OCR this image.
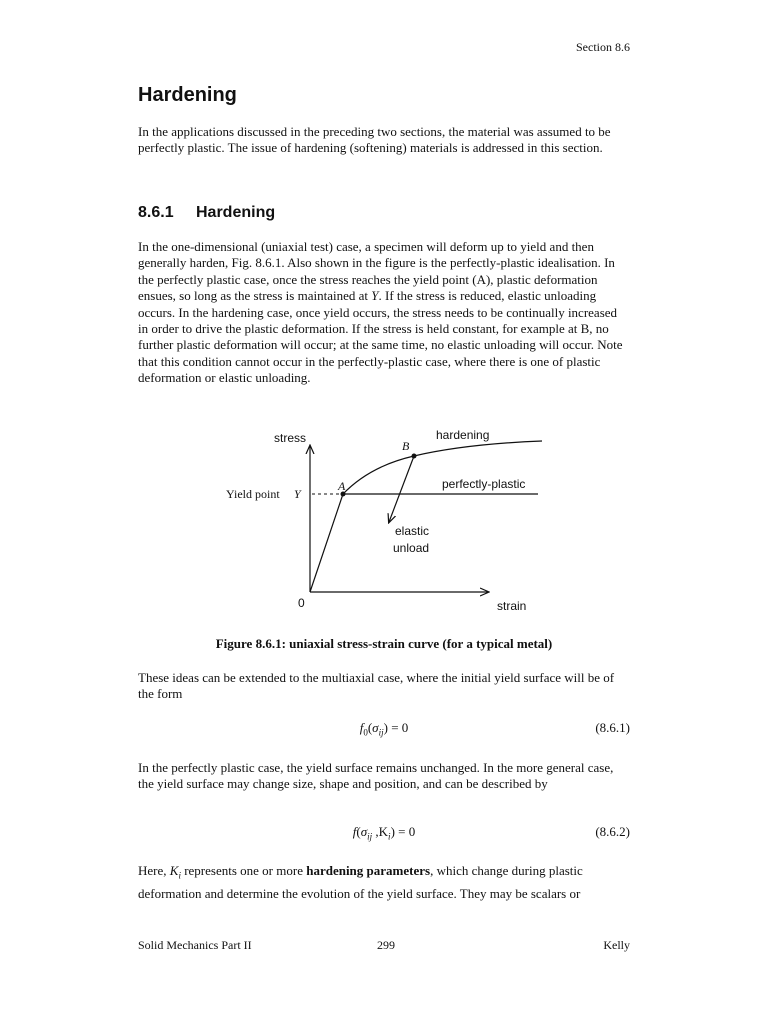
Section 8.6
Hardening

In the applications discussed in the preceding two sections, the material was assumed to be perfectly plastic. The issue of hardening (softening) materials is addressed in this section.

8.6.1 Hardening

In the one-dimensional (uniaxial test) case, a specimen will deform up to yield and then generally harden, Fig. 8.6.1. Also shown in the figure is the perfectly-plastic idealisation. In the perfectly plastic case, once the stress reaches the yield point (A), plastic deformation ensues, so long as the stress is maintained at Y. If the stress is reduced, elastic unloading occurs. In the hardening case, once yield occurs, the stress needs to be continually increased in order to drive the plastic deformation. If the stress is held constant, for example at B, no further plastic deformation will occur; at the same time, no elastic unloading will occur. Note that this condition cannot occur in the perfectly-plastic case, where there is one of plastic deformation or elastic unloading.

stress
strain
0
Yield point Y
A
B
hardening
perfectly-plastic
elastic
unload
Figure 8.6.1: uniaxial stress-strain curve (for a typical metal)

These ideas can be extended to the multiaxial case, where the initial yield surface will be of the form

$f_0(\sigma_{ij}) = 0$	(8.6.1)

In the perfectly plastic case, the yield surface remains unchanged. In the more general case, the yield surface may change size, shape and position, and can be described by

$f(\sigma_{ij}$ $,K_i) = 0$	(8.6.2)

Here, $K_i$ represents one or more hardening parameters, which change during plastic deformation and determine the evolution of the yield surface. They may be scalars or

Solid Mechanics Part II	299	Kelly
